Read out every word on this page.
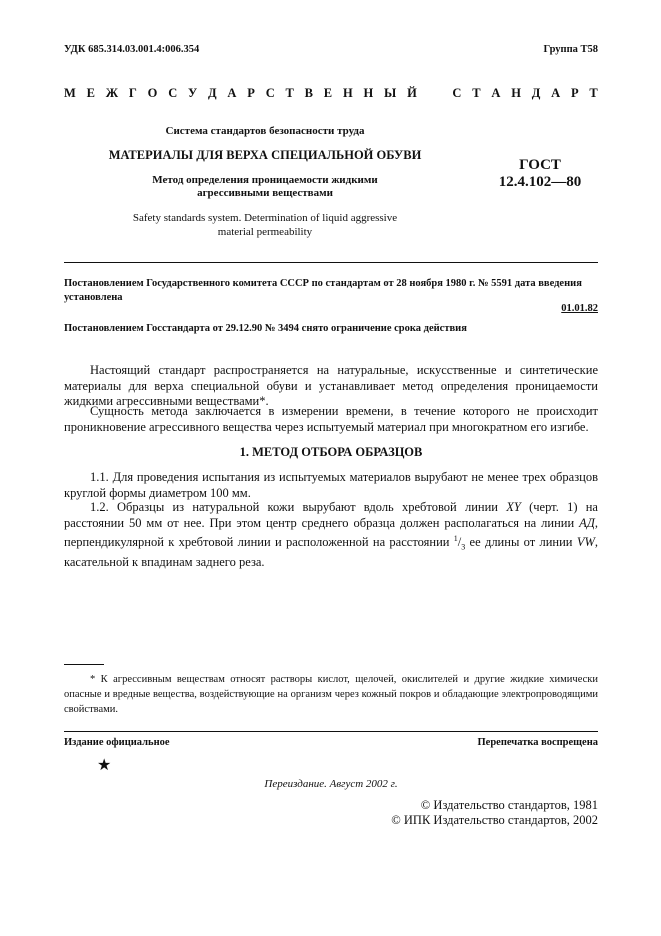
УДК 685.314.03.001.4:006.354	Группа Т58
М Е Ж Г О С У Д А Р С Т В Е Н Н Ы Й	С Т А Н Д А Р Т
Система стандартов безопасности труда
МАТЕРИАЛЫ ДЛЯ ВЕРХА СПЕЦИАЛЬНОЙ ОБУВИ
Метод определения проницаемости жидкими
агрессивными веществами
Safety standards system. Determination of liquid aggressive
material permeability
ГОСТ
12.4.102—80
Постановлением Государственного комитета СССР по стандартам от 28 ноября 1980 г. № 5591 дата введения установлена
01.01.82
Постановлением Госстандарта от 29.12.90 № 3494 снято ограничение срока действия
Настоящий стандарт распространяется на натуральные, искусственные и синтетические материалы для верха специальной обуви и устанавливает метод определения проницаемости жидкими агрессивными веществами*.
Сущность метода заключается в измерении времени, в течение которого не происходит проникновение агрессивного вещества через испытуемый материал при многократном его изгибе.
1. МЕТОД ОТБОРА ОБРАЗЦОВ
1.1. Для проведения испытания из испытуемых материалов вырубают не менее трех образцов круглой формы диаметром 100 мм.
1.2. Образцы из натуральной кожи вырубают вдоль хребтовой линии XY (черт. 1) на расстоянии 50 мм от нее. При этом центр среднего образца должен располагаться на линии АД, перпендикулярной к хребтовой линии и расположенной на расстоянии $^1/_3$ ее длины от линии VW, касательной к впадинам заднего реза.
* К агрессивным веществам относят растворы кислот, щелочей, окислителей и другие жидкие химически опасные и вредные вещества, воздействующие на организм через кожный покров и обладающие электропроводящими свойствами.
Издание официальное	Перепечатка воспрещена
★
Переиздание. Август 2002 г.
© Издательство стандартов, 1981
© ИПК Издательство стандартов, 2002
